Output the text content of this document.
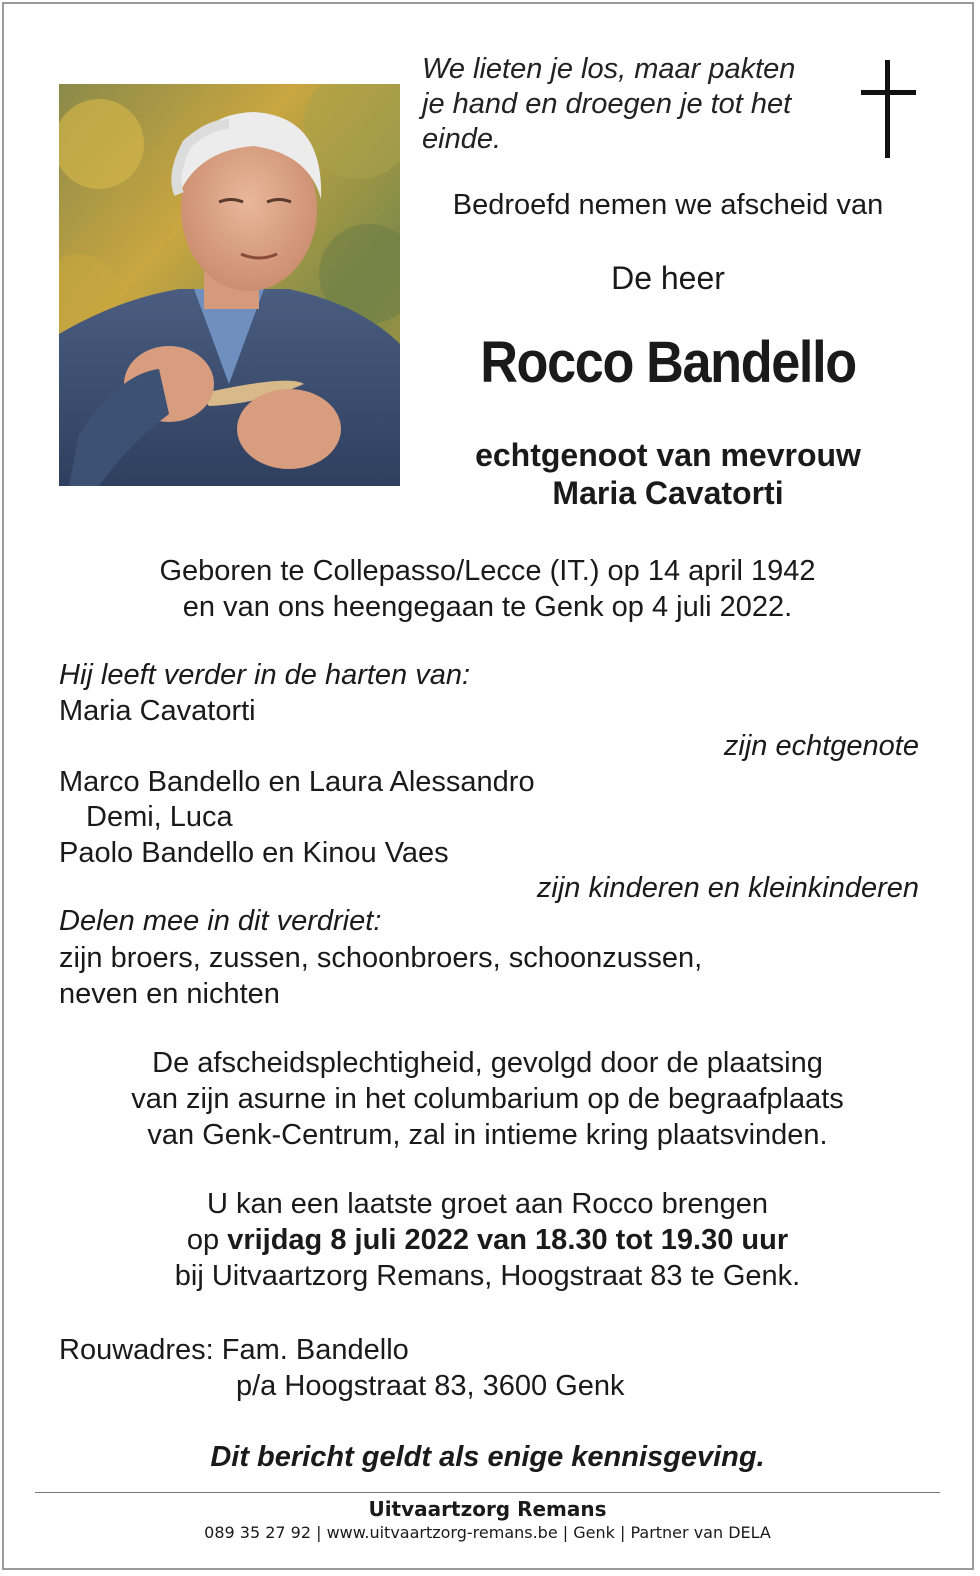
We lieten je los, maar pakten
je hand en droegen je tot het
einde.
Bedroefd nemen we afscheid van
De heer
Rocco Bandello
echtgenoot van mevrouw
Maria Cavatorti
Geboren te Collepasso/Lecce (IT.) op 14 april 1942
en van ons heengegaan te Genk op 4 juli 2022.
Hij leeft verder in de harten van:
Maria Cavatorti
zijn echtgenote
Marco Bandello en Laura Alessandro
Demi, Luca
Paolo Bandello en Kinou Vaes
zijn kinderen en kleinkinderen
Delen mee in dit verdriet:
zijn broers, zussen, schoonbroers, schoonzussen,
neven en nichten
De afscheidsplechtigheid, gevolgd door de plaatsing
van zijn asurne in het columbarium op de begraafplaats
van Genk-Centrum, zal in intieme kring plaatsvinden.
U kan een laatste groet aan Rocco brengen
op vrijdag 8 juli 2022 van 18.30 tot 19.30 uur
bij Uitvaartzorg Remans, Hoogstraat 83 te Genk.
Rouwadres: Fam. Bandello
p/a Hoogstraat 83, 3600 Genk
Dit bericht geldt als enige kennisgeving.
Uitvaartzorg Remans
089 35 27 92 | www.uitvaartzorg-remans.be | Genk | Partner van DELA
